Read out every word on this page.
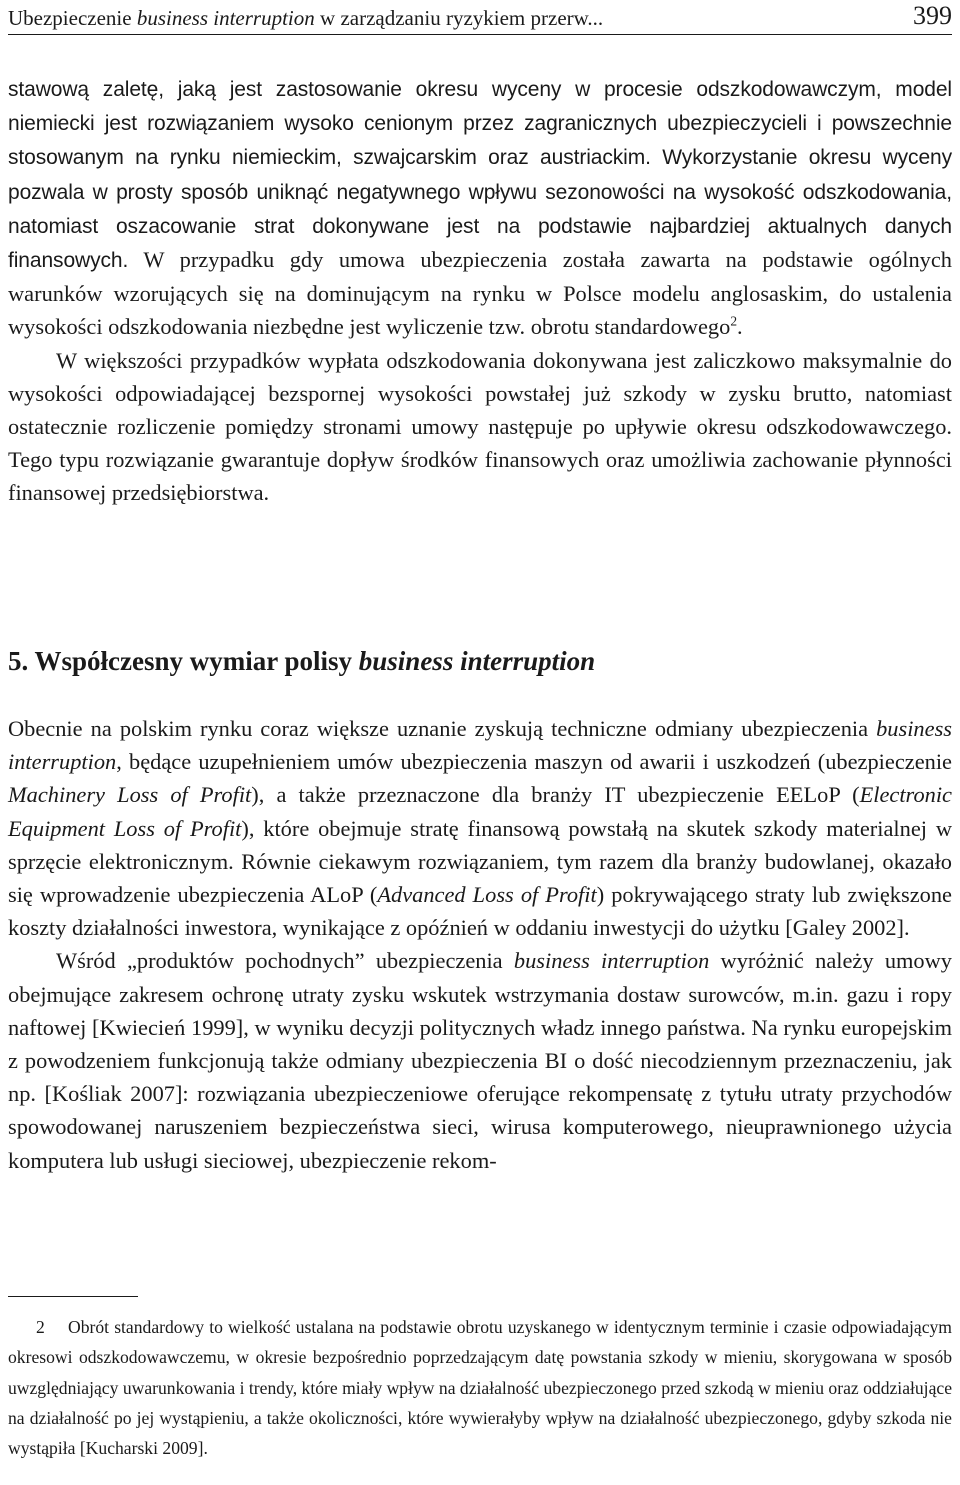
Ubezpieczenie business interruption w zarządzaniu ryzykiem przerw...	399

stawową zaletę, jaką jest zastosowanie okresu wyceny w procesie odszkodowawczym, model niemiecki jest rozwiązaniem wysoko cenionym przez zagranicznych ubezpieczycieli i powszechnie stosowanym na rynku niemieckim, szwajcarskim oraz austriackim. Wykorzystanie okresu wyceny pozwala w prosty sposób uniknąć negatywnego wpływu sezonowości na wysokość odszkodowania, natomiast oszacowanie strat dokonywane jest na podstawie najbardziej aktualnych danych finansowych. W przypadku gdy umowa ubezpieczenia została zawarta na podstawie ogólnych warunków wzorujących się na dominującym na rynku w Polsce modelu anglosaskim, do ustalenia wysokości odszkodowania niezbędne jest wyliczenie tzw. obrotu standardowego$^2$.

W większości przypadków wypłata odszkodowania dokonywana jest zaliczkowo maksymalnie do wysokości odpowiadającej bezspornej wysokości powstałej już szkody w zysku brutto, natomiast ostatecznie rozliczenie pomiędzy stronami umowy następuje po upływie okresu odszkodowawczego. Tego typu rozwiązanie gwarantuje dopływ środków finansowych oraz umożliwia zachowanie płynności finansowej przedsiębiorstwa.

5. Współczesny wymiar polisy business interruption

Obecnie na polskim rynku coraz większe uznanie zyskują techniczne odmiany ubezpieczenia business interruption, będące uzupełnieniem umów ubezpieczenia maszyn od awarii i uszkodzeń (ubezpieczenie Machinery Loss of Profit), a także przeznaczone dla branży IT ubezpieczenie EELoP (Electronic Equipment Loss of Profit), które obejmuje stratę finansową powstałą na skutek szkody materialnej w sprzęcie elektronicznym. Równie ciekawym rozwiązaniem, tym razem dla branży budowlanej, okazało się wprowadzenie ubezpieczenia ALoP (Advanced Loss of Profit) pokrywającego straty lub zwiększone koszty działalności inwestora, wynikające z opóźnień w oddaniu inwestycji do użytku [Galey 2002].

Wśród „produktów pochodnych” ubezpieczenia business interruption wyróżnić należy umowy obejmujące zakresem ochronę utraty zysku wskutek wstrzymania dostaw surowców, m.in. gazu i ropy naftowej [Kwiecień 1999], w wyniku decyzji politycznych władz innego państwa. Na rynku europejskim z powodzeniem funkcjonują także odmiany ubezpieczenia BI o dość niecodziennym przeznaczeniu, jak np. [Kośliak 2007]: rozwiązania ubezpieczeniowe oferujące rekompensatę z tytułu utraty przychodów spowodowanej naruszeniem bezpieczeństwa sieci, wirusa komputerowego, nieuprawnionego użycia komputera lub usługi sieciowej, ubezpieczenie rekom-

2 Obrót standardowy to wielkość ustalana na podstawie obrotu uzyskanego w identycznym terminie i czasie odpowiadającym okresowi odszkodowawczemu, w okresie bezpośrednio poprzedzającym datę powstania szkody w mieniu, skorygowana w sposób uwzględniający uwarunkowania i trendy, które miały wpływ na działalność ubezpieczonego przed szkodą w mieniu oraz oddziałujące na działalność po jej wystąpieniu, a także okoliczności, które wywierałyby wpływ na działalność ubezpieczonego, gdyby szkoda nie wystąpiła [Kucharski 2009].
